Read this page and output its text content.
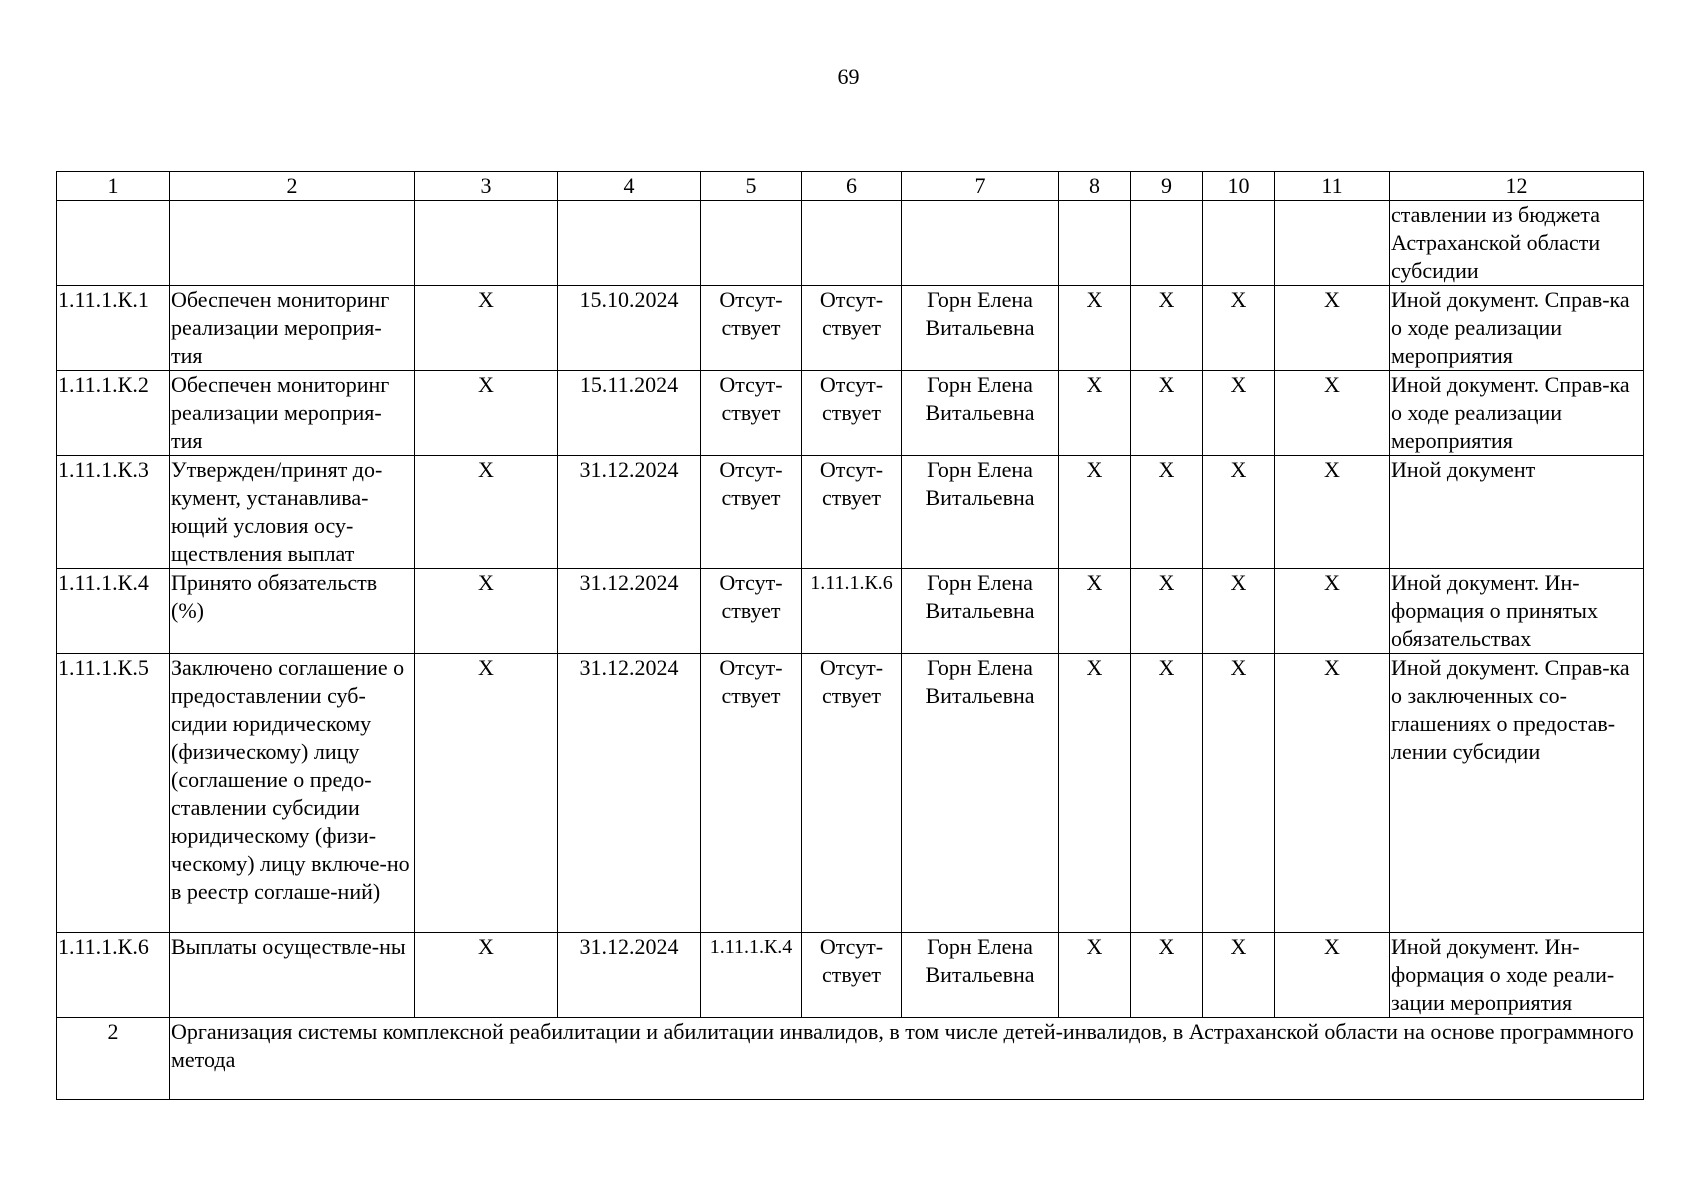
69
1	2	3	4	5	6	7	8	9	10	11	12
											ставлении из бюджета Астраханской области субсидии
1.11.1.К.1	Обеспечен мониторинг реализации мероприя-тия	Х	15.10.2024	Отсут-ствует	Отсут-ствует	Горн Елена Витальевна	Х	Х	Х	Х	Иной документ. Справ-ка о ходе реализации мероприятия
1.11.1.К.2	Обеспечен мониторинг реализации мероприя-тия	Х	15.11.2024	Отсут-ствует	Отсут-ствует	Горн Елена Витальевна	Х	Х	Х	Х	Иной документ. Справ-ка о ходе реализации мероприятия
1.11.1.К.3	Утвержден/принят до-кумент, устанавлива-ющий условия осу-ществления выплат	Х	31.12.2024	Отсут-ствует	Отсут-ствует	Горн Елена Витальевна	Х	Х	Х	Х	Иной документ
1.11.1.К.4	Принято обязательств (%)	Х	31.12.2024	Отсут-ствует	1.11.1.К.6	Горн Елена Витальевна	Х	Х	Х	Х	Иной документ. Ин-формация о принятых обязательствах
1.11.1.К.5	Заключено соглашение о предоставлении суб-сидии юридическому (физическому) лицу (соглашение о предо-ставлении субсидии юридическому (физи-ческому) лицу включе-но в реестр соглаше-ний)	Х	31.12.2024	Отсут-ствует	Отсут-ствует	Горн Елена Витальевна	Х	Х	Х	Х	Иной документ. Справ-ка о заключенных со-глашениях о предостав-лении субсидии
1.11.1.К.6	Выплаты осуществле-ны	Х	31.12.2024	1.11.1.К.4	Отсут-ствует	Горн Елена Витальевна	Х	Х	Х	Х	Иной документ. Ин-формация о ходе реали-зации мероприятия
2	Организация системы комплексной реабилитации и абилитации инвалидов, в том числе детей-инвалидов, в Астраханской области на основе программного метода										
